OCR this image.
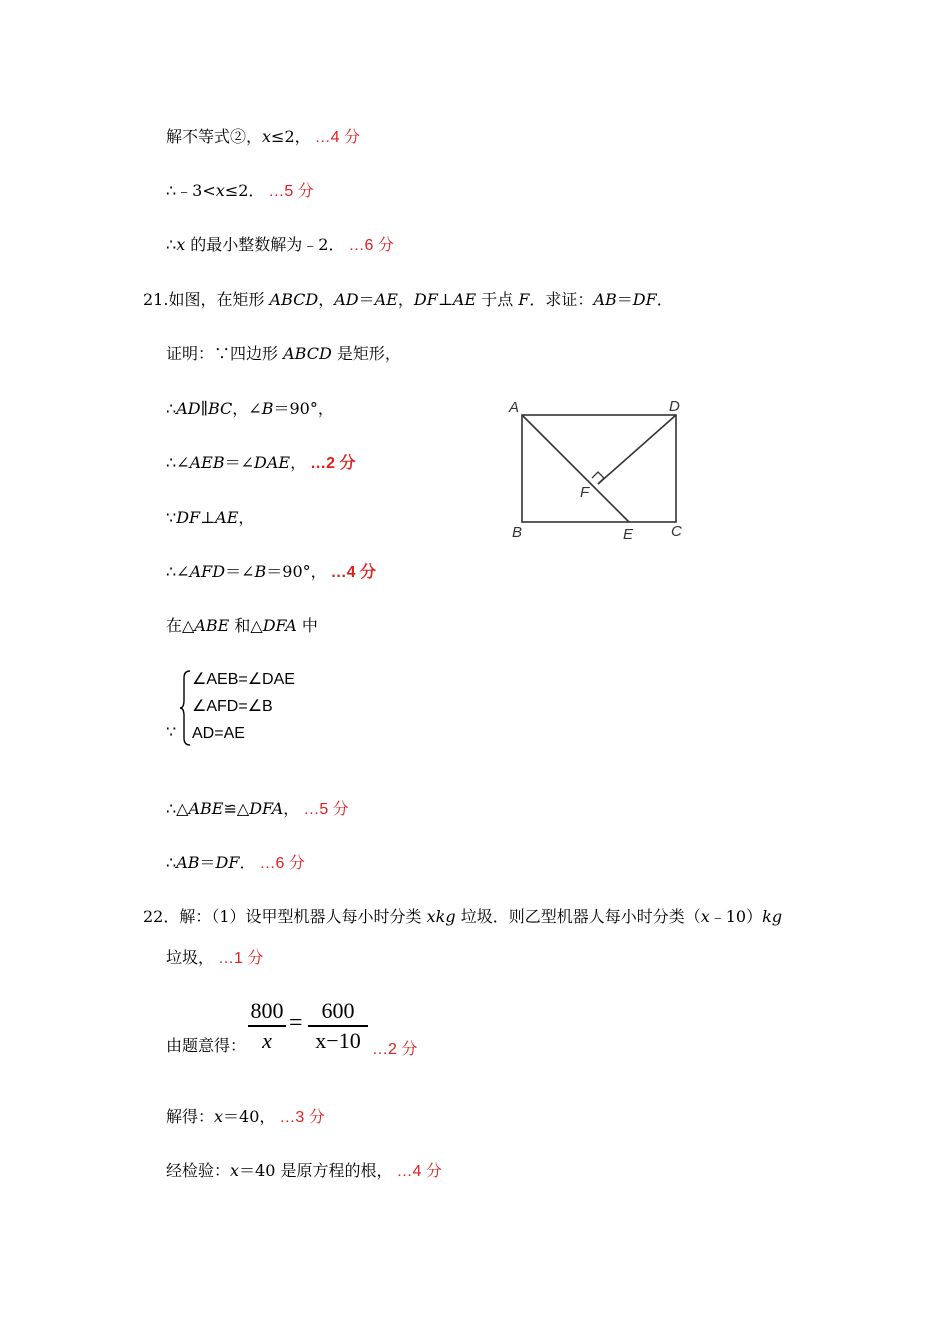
解不等式②，x≤2， …4 分
∴﹣3<x≤2． …5 分
∴x 的最小整数解为﹣2． …6 分
21.如图，在矩形 ABCD，AD＝AE，DF⊥AE 于点 F．求证：AB＝DF．
证明：∵四边形 ABCD 是矩形，
∴AD∥BC，∠B＝90°，
∴∠AEB＝∠DAE， …2 分
∵DF⊥AE，
∴∠AFD＝∠B＝90°， …4 分
在△ABE 和△DFA 中
∵
∠AEB=∠DAE
∠AFD=∠B
AD=AE
∴△ABE≌△DFA， …5 分
∴AB＝DF． …6 分
A	D
B	C
E
F
22．解：（1）设甲型机器人每小时分类 xkg 垃圾．则乙型机器人每小时分类（x﹣10）kg
垃圾， …1 分
由题意得：
800
x
= 600
x−10 …2 分
解得：x＝40， …3 分
经检验：x＝40 是原方程的根， …4 分
